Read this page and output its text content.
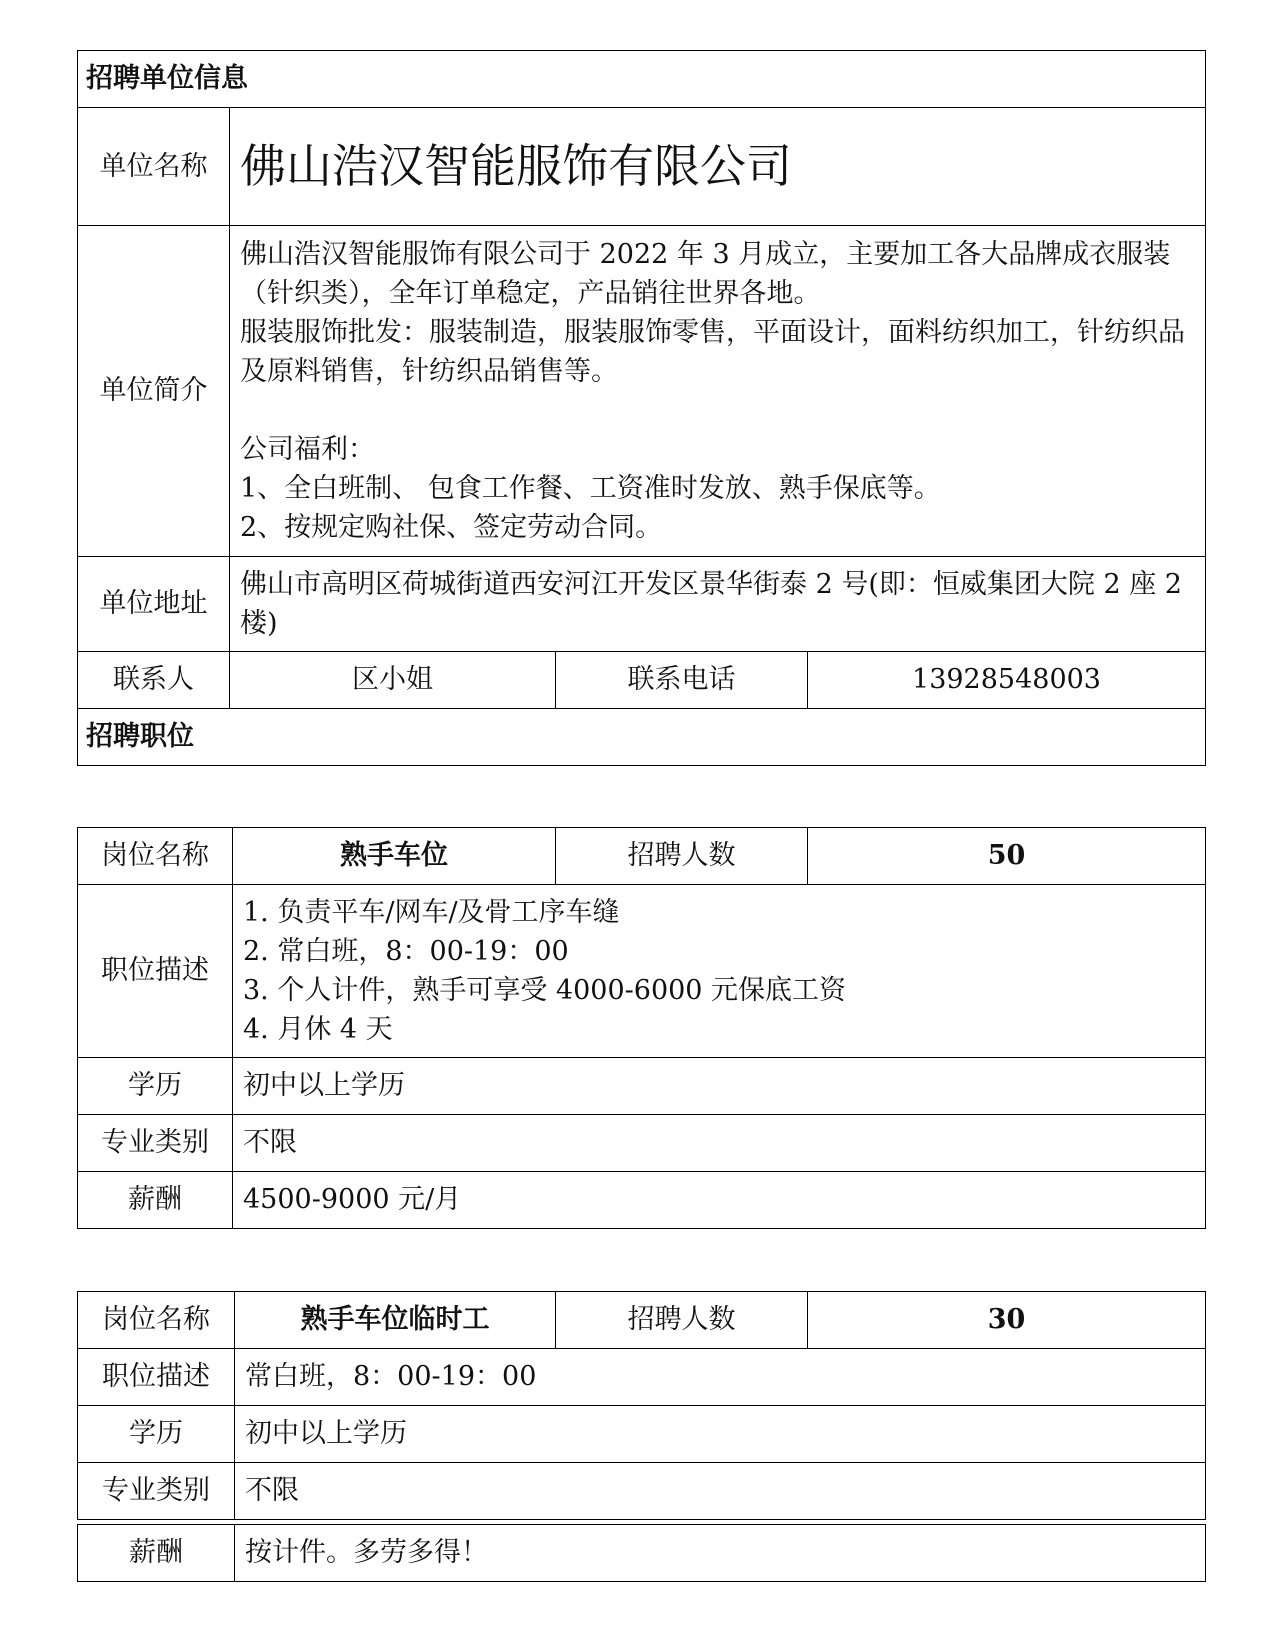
招聘单位信息			
单位名称	佛山浩汉智能服饰有限公司		
单位简介	佛山浩汉智能服饰有限公司于 2022 年 3 月成立，主要加工各大品牌成衣服装（针织类），全年订单稳定，产品销往世界各地。

服装服饰批发：服装制造，服装服饰零售，平面设计，面料纺织加工，针纺织品及原料销售，针纺织品销售等。

公司福利：

1、全白班制、 包食工作餐、工资准时发放、熟手保底等。

2、按规定购社保、签定劳动合同。		

单位地址	佛山市高明区荷城街道西安河江开发区景华街泰 2 号(即：恒威集团大院 2 座 2 楼)		
联系人	区小姐	联系电话	13928548003
招聘职位			
岗位名称	熟手车位	招聘人数	50
职位描述	1. 负责平车/网车/及骨工序车缝
2. 常白班，8：00-19：00
3. 个人计件，熟手可享受 4000-6000 元保底工资
4. 月休 4 天		

学历	初中以上学历		
专业类别	不限		
薪酬	4500-9000 元/月		
岗位名称	熟手车位临时工	招聘人数	30
职位描述	常白班，8：00-19：00		
学历	初中以上学历		
专业类别	不限		
薪酬	按计件。多劳多得！
